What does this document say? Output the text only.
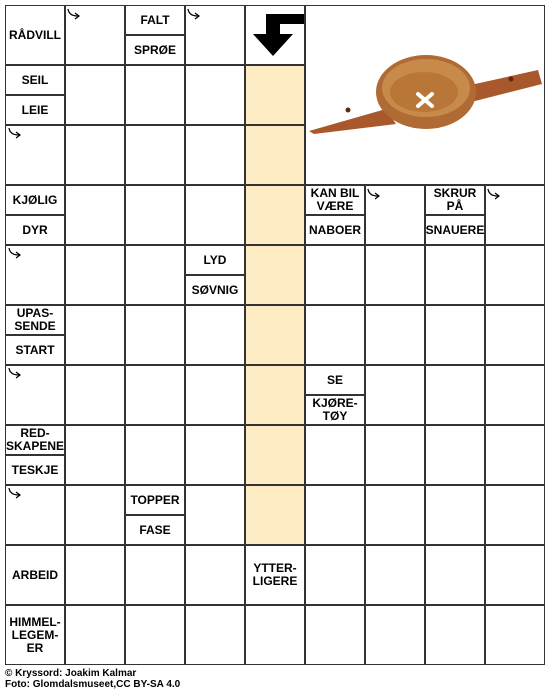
RÅDVILL
FALT
SPRØE
SEIL
LEIE
KJØLIG
DYR
KAN BIL VÆRE
NABOER
SKRUR PÅ
SNAUERE
LYD
SØVNIG
UPAS-SENDE
START
SE
KJØRE-TØY
RED-SKAPENE
TESKJE
TOPPER
FASE
ARBEID	YTTER-LIGERE
HIMMEL-LEGEM-ER
© Kryssord: Joakim Kalmar
Foto: Glomdalsmuseet,CC BY-SA 4.0
